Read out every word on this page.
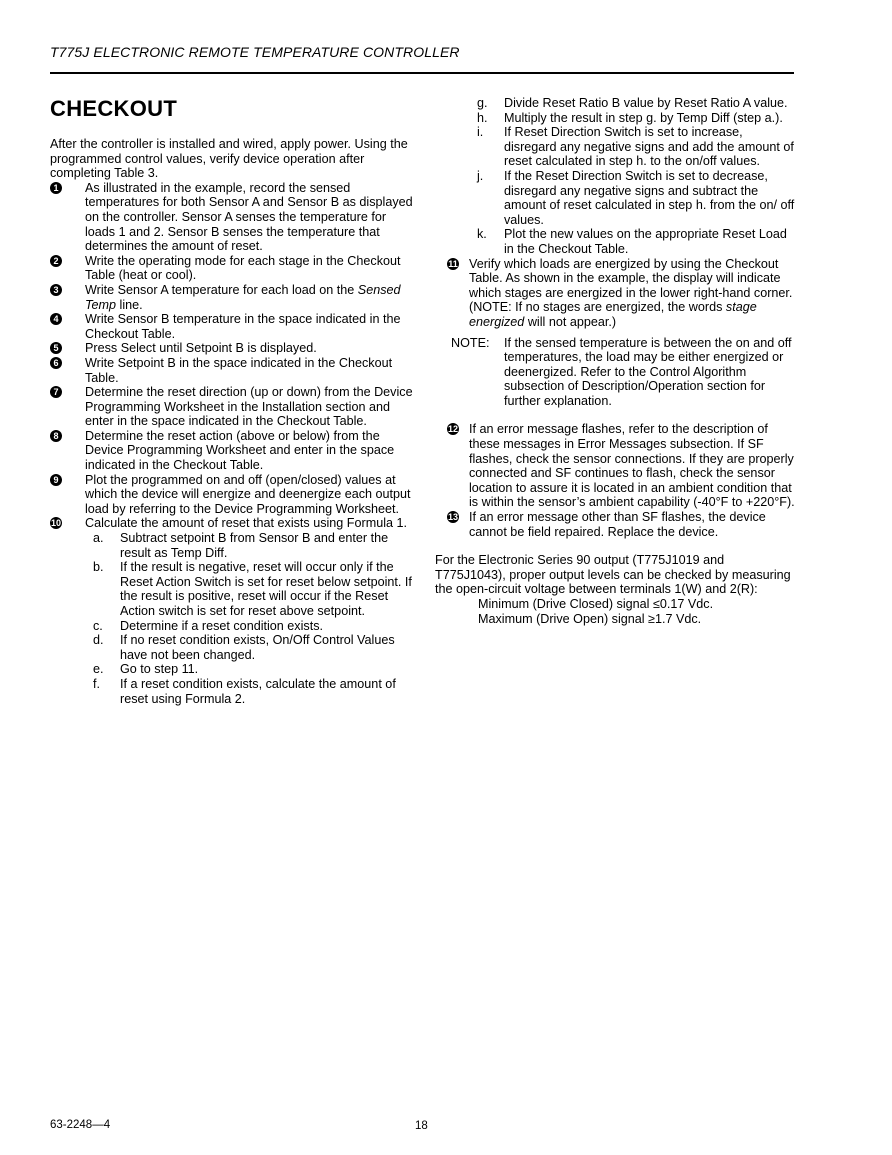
T775J ELECTRONIC REMOTE TEMPERATURE CONTROLLER
CHECKOUT

After the controller is installed and wired, apply power. Using the programmed control values, verify device operation after completing Table 3.

1 As illustrated in the example, record the sensed temperatures for both Sensor A and Sensor B as displayed on the controller. Sensor A senses the temperature for loads 1 and 2. Sensor B senses the temperature that determines the amount of reset.
2 Write the operating mode for each stage in the Checkout Table (heat or cool).
3 Write Sensor A temperature for each load on the Sensed Temp line.
4 Write Sensor B temperature in the space indicated in the Checkout Table.
5 Press Select until Setpoint B is displayed.
6 Write Setpoint B in the space indicated in the Checkout Table.
7 Determine the reset direction (up or down) from the Device Programming Worksheet in the Installation section and enter in the space indicated in the Checkout Table.
8 Determine the reset action (above or below) from the Device Programming Worksheet and enter in the space indicated in the Checkout Table.
9 Plot the programmed on and off (open/closed) values at which the device will energize and deenergize each output load by referring to the Device Programming Worksheet.
10 Calculate the amount of reset that exists using Formula 1.
a. Subtract setpoint B from Sensor B and enter the result as Temp Diff.
b. If the result is negative, reset will occur only if the Reset Action Switch is set for reset below setpoint. If the result is positive, reset will occur if the Reset Action switch is set for reset above setpoint.
c. Determine if a reset condition exists.
d. If no reset condition exists, On/Off Control Values have not been changed.
e. Go to step 11.
f. If a reset condition exists, calculate the amount of reset using Formula 2.
g. Divide Reset Ratio B value by Reset Ratio A value.
h. Multiply the result in step g. by Temp Diff (step a.).
i. If Reset Direction Switch is set to increase, disregard any negative signs and add the amount of reset calculated in step h. to the on/off values.
j. If the Reset Direction Switch is set to decrease, disregard any negative signs and subtract the amount of reset calculated in step h. from the on/ off values.
k. Plot the new values on the appropriate Reset Load in the Checkout Table.
11 Verify which loads are energized by using the Checkout Table. As shown in the example, the display will indicate which stages are energized in the lower right-hand corner. (NOTE: If no stages are energized, the words stage energized will not appear.)
NOTE: If the sensed temperature is between the on and off temperatures, the load may be either energized or deenergized. Refer to the Control Algorithm subsection of Description/Operation section for further explanation.
12 If an error message flashes, refer to the description of these messages in Error Messages subsection. If SF flashes, check the sensor connections. If they are properly connected and SF continues to flash, check the sensor location to assure it is located in an ambient condition that is within the sensor’s ambient capability (-40°F to +220°F).
13 If an error message other than SF flashes, the device cannot be field repaired. Replace the device.

For the Electronic Series 90 output (T775J1019 and T775J1043), proper output levels can be checked by measuring the open-circuit voltage between terminals 1(W) and 2(R):

Minimum (Drive Closed) signal ≤0.17 Vdc.

Maximum (Drive Open) signal ≥1.7 Vdc.

63-2248—4	18
